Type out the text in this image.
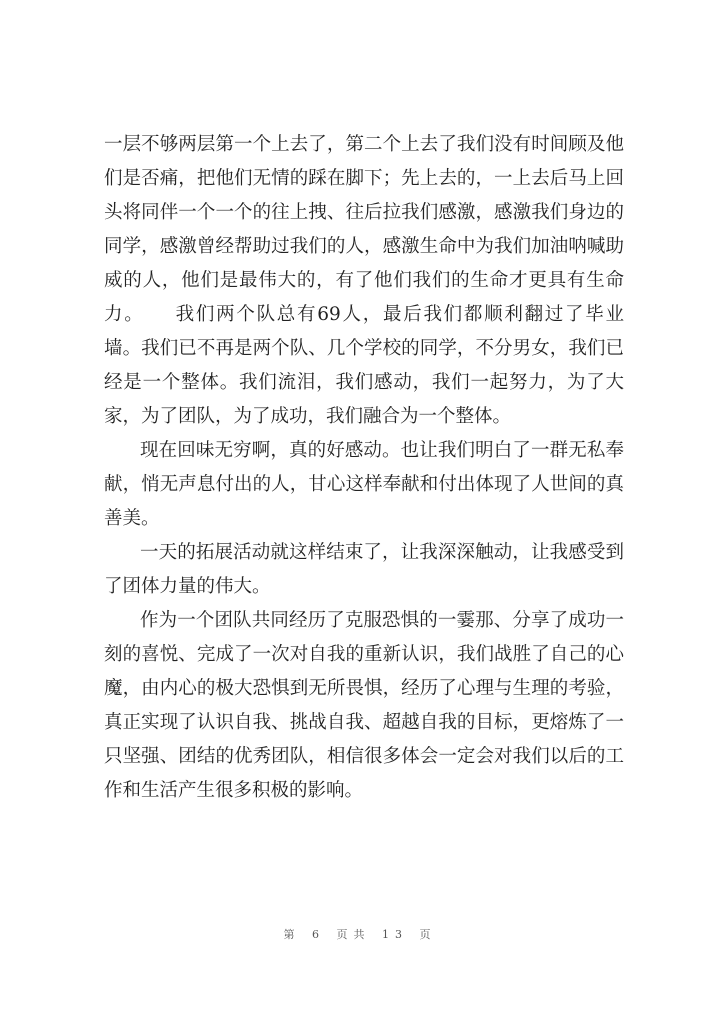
一层不够两层第一个上去了，第二个上去了我们没有时间顾及他
们是否痛，把他们无情的踩在脚下；先上去的，一上去后马上回
头将同伴一个一个的往上拽、往后拉我们感激，感激我们身边的
同学，感激曾经帮助过我们的人，感激生命中为我们加油呐喊助
威的人，他们是最伟大的，有了他们我们的生命才更具有生命
力。　　我们两个队总有69人，最后我们都顺利翻过了毕业
墙。我们已不再是两个队、几个学校的同学，不分男女，我们已
经是一个整体。我们流泪，我们感动，我们一起努力，为了大
家，为了团队，为了成功，我们融合为一个整体。
现在回味无穷啊，真的好感动。也让我们明白了一群无私奉
献，悄无声息付出的人，甘心这样奉献和付出体现了人世间的真
善美。
一天的拓展活动就这样结束了，让我深深触动，让我感受到
了团体力量的伟大。
作为一个团队共同经历了克服恐惧的一霎那、分享了成功一
刻的喜悦、完成了一次对自我的重新认识，我们战胜了自己的心
魔，由内心的极大恐惧到无所畏惧，经历了心理与生理的考验，
真正实现了认识自我、挑战自我、超越自我的目标，更熔炼了一
只坚强、团结的优秀团队，相信很多体会一定会对我们以后的工
作和生活产生很多积极的影响。
第 6 页共 13 页
